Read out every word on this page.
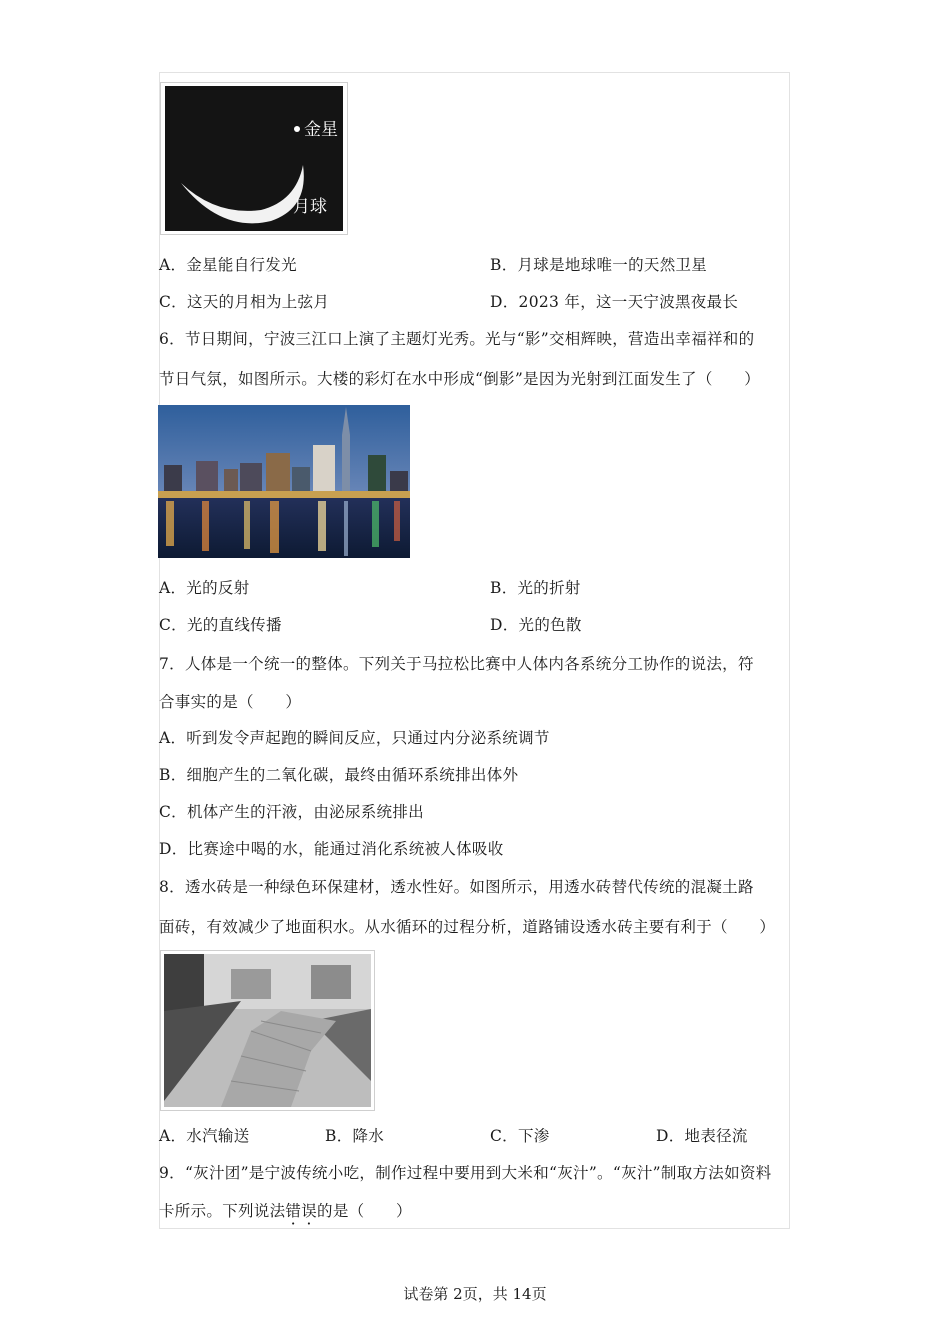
金星
月球
A．金星能自行发光	B．月球是地球唯一的天然卫星
C．这天的月相为上弦月	D．2023 年，这一天宁波黑夜最长
6．节日期间，宁波三江口上演了主题灯光秀。光与“影”交相辉映，营造出幸福祥和的
节日气氛，如图所示。大楼的彩灯在水中形成“倒影”是因为光射到江面发生了（　　）
A．光的反射	B．光的折射
C．光的直线传播	D．光的色散
7．人体是一个统一的整体。下列关于马拉松比赛中人体内各系统分工协作的说法，符
合事实的是（　　）
A．听到发令声起跑的瞬间反应，只通过内分泌系统调节
B．细胞产生的二氧化碳，最终由循环系统排出体外
C．机体产生的汗液，由泌尿系统排出
D．比赛途中喝的水，能通过消化系统被人体吸收
8．透水砖是一种绿色环保建材，透水性好。如图所示，用透水砖替代传统的混凝土路
面砖，有效减少了地面积水。从水循环的过程分析，道路铺设透水砖主要有利于（　　）
A．水汽输送	B．降水	C．下渗	D．地表径流
9．“灰汁团”是宁波传统小吃，制作过程中要用到大米和“灰汁”。“灰汁”制取方法如资料
卡所示。下列说法错误的是（　　）
试卷第 2页，共 14页
